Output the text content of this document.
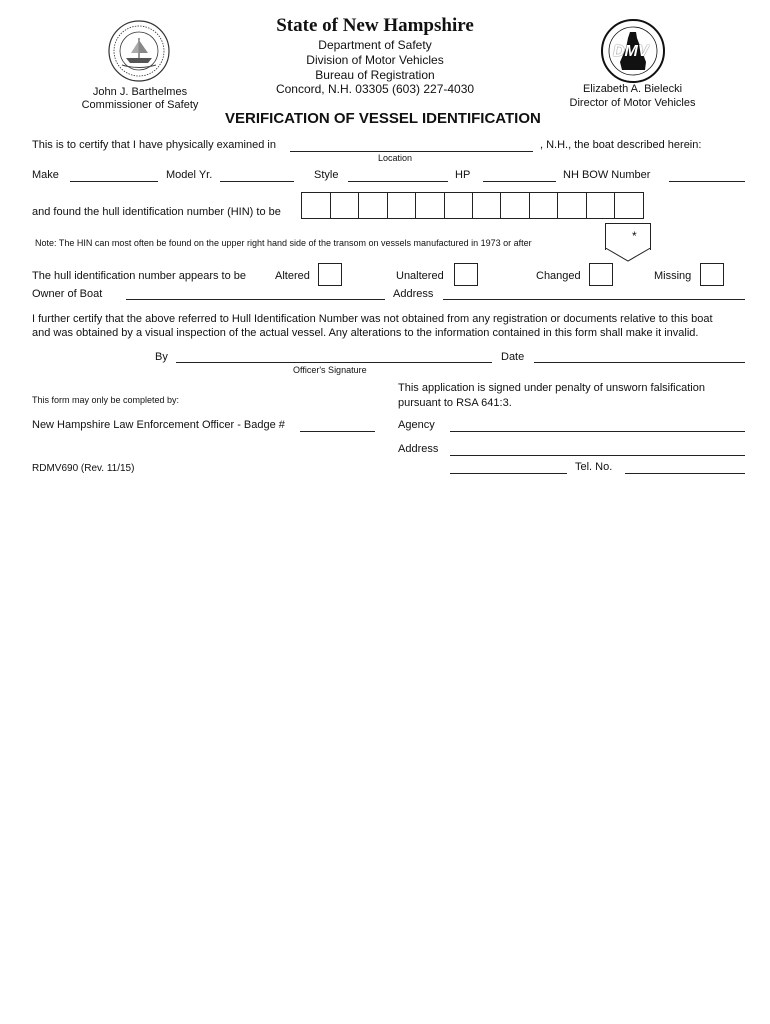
DMV
State of New Hampshire
Department of Safety
Division of Motor Vehicles
Bureau of Registration
Concord, N.H. 03305 (603) 227-4030
John J. Barthelmes
Commissioner of Safety
Elizabeth A. Bielecki
Director of Motor Vehicles
VERIFICATION OF VESSEL IDENTIFICATION
This is to certify that I have physically examined in	, N.H., the boat described herein:
Location
Make	Model Yr.	Style	HP	NH BOW Number
and found the hull identification number (HIN) to be
Note: The HIN can most often be found on the upper right hand side of the transom on vessels manufactured in 1973 or after	*
The hull identification number appears to be	Altered	Unaltered	Changed	Missing
Owner of Boat	Address
I further certify that the above referred to Hull Identification Number was not obtained from any registration or documents relative to this boat
and was obtained by a visual inspection of the actual vessel. Any alterations to the information contained in this form shall make it invalid.
By	Date
Officer's Signature
This form may only be completed by:
This application is signed under penalty of unsworn falsification
pursuant to RSA 641:3.
New Hampshire Law Enforcement Officer - Badge #	Agency
Address
RDMV690 (Rev. 11/15)	Tel. No.
